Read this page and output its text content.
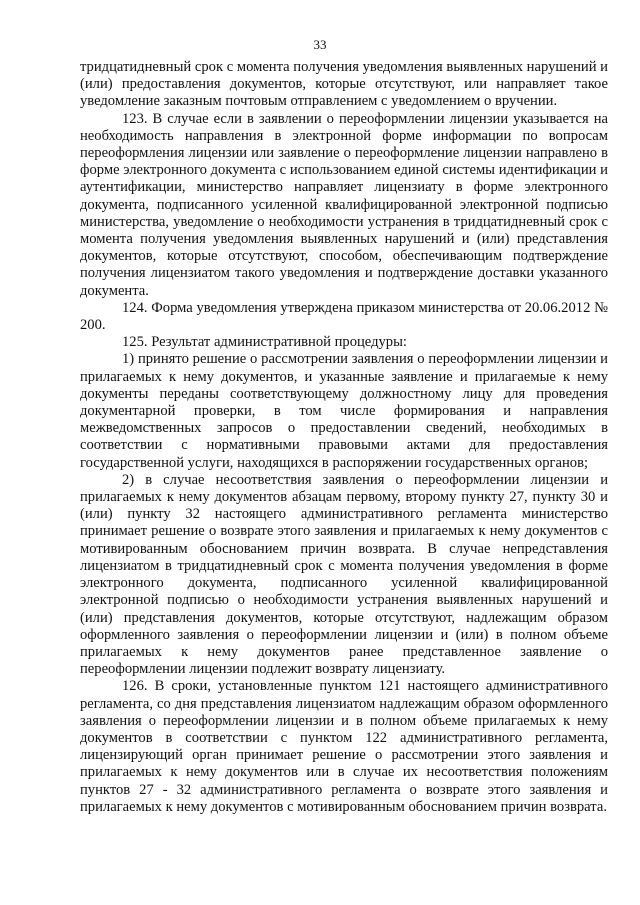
33

тридцатидневный срок с момента получения уведомления выявленных нарушений и (или) предоставления документов, которые отсутствуют, или направляет такое уведомление заказным почтовым отправлением с уведомлением о вручении.

123. В случае если в заявлении о переоформлении лицензии указывается на необходимость направления в электронной форме информации по вопросам переоформления лицензии или заявление о переоформление лицензии направлено в форме электронного документа с использованием единой системы идентификации и аутентификации, министерство направляет лицензиату в форме электронного документа, подписанного усиленной квалифицированной электронной подписью министерства, уведомление о необходимости устранения в тридцатидневный срок с момента получения уведомления выявленных нарушений и (или) представления документов, которые отсутствуют, способом, обеспечивающим подтверждение получения лицензиатом такого уведомления и подтверждение доставки указанного документа.

124. Форма уведомления утверждена приказом министерства от 20.06.2012 № 200.

125. Результат административной процедуры:

1) принято решение о рассмотрении заявления о переоформлении лицензии и прилагаемых к нему документов, и указанные заявление и прилагаемые к нему документы переданы соответствующему должностному лицу для проведения документарной проверки, в том числе формирования и направления межведомственных запросов о предоставлении сведений, необходимых в соответствии с нормативными правовыми актами для предоставления государственной услуги, находящихся в распоряжении государственных органов;

2) в случае несоответствия заявления о переоформлении лицензии и прилагаемых к нему документов абзацам первому, второму пункту 27, пункту 30 и (или) пункту 32 настоящего административного регламента министерство принимает решение о возврате этого заявления и прилагаемых к нему документов с мотивированным обоснованием причин возврата. В случае непредставления лицензиатом в тридцатидневный срок с момента получения уведомления в форме электронного документа, подписанного усиленной квалифицированной электронной подписью о необходимости устранения выявленных нарушений и (или) представления документов, которые отсутствуют, надлежащим образом оформленного заявления о переоформлении лицензии и (или) в полном объеме прилагаемых к нему документов ранее представленное заявление о переоформлении лицензии подлежит возврату лицензиату.

126. В сроки, установленные пунктом 121 настоящего административного регламента, со дня представления лицензиатом надлежащим образом оформленного заявления о переоформлении лицензии и в полном объеме прилагаемых к нему документов в соответствии с пунктом 122 административного регламента, лицензирующий орган принимает решение о рассмотрении этого заявления и прилагаемых к нему документов или в случае их несоответствия положениям пунктов 27 - 32 административного регламента о возврате этого заявления и прилагаемых к нему документов с мотивированным обоснованием причин возврата.
